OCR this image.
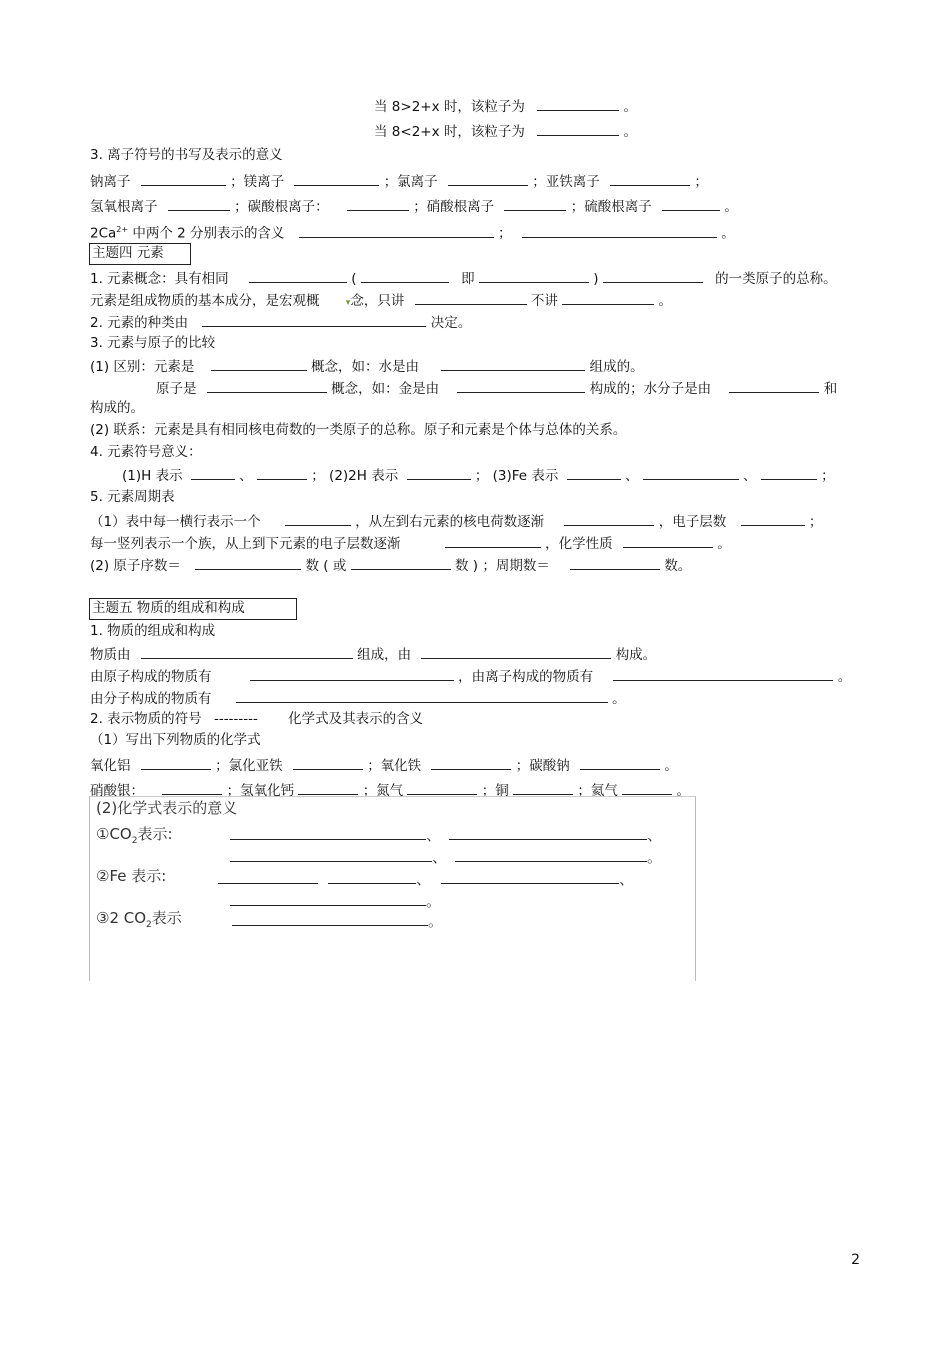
当 8>2+x 时，该粒子为	。
当 8<2+x 时，该粒子为	。
3. 离子符号的书写及表示的意义
钠离子	；镁离子	；氯离子	；亚铁离子	；
氢氧根离子	；碳酸根离子：	；硝酸根离子	；硫酸根离子	。
$2Ca^{2+}$ 中两个 2 分别表示的含义	；	。
主题四 元素
1. 元素概念：具有相同	(	即	)	的一类原子的总称。
元素是组成物质的基本成分，是宏观概	▾念，只讲	不讲	。
2. 元素的种类由	决定。
3. 元素与原子的比较
(1) 区别：元素是	概念，如：水是由	组成的。
原子是	概念，如：金是由	构成的；水分子是由	和
构成的。
(2) 联系：元素是具有相同核电荷数的一类原子的总称。原子和元素是个体与总体的关系。
4. 元素符号意义：
(1)H 表示	、	； (2)2H 表示	； (3)Fe 表示	、	、	；
5. 元素周期表
（1）表中每一横行表示一个	，从左到右元素的核电荷数逐渐	，电子层数	；
每一竖列表示一个族，从上到下元素的电子层数逐渐	，化学性质	。
(2) 原子序数＝	数 ( 或	数 ) ；周期数＝	数。
主题五 物质的组成和构成
1. 物质的组成和构成
物质由	组成，由	构成。
由原子构成的物质有	，由离子构成的物质有	。
由分子构成的物质有	。
2. 表示物质的符号 --------- 化学式及其表示的含义
（1）写出下列物质的化学式
氧化铝	；氯化亚铁	；氧化铁	；碳酸钠	。
硝酸银：	；氢氧化钙	；氮气	；铜	；氦气	。
(2)化学式表示的意义
$①CO_2$表示:	、	、
、	。
②Fe 表示:	、	、
。
③2 $CO_2$表示	。
2
